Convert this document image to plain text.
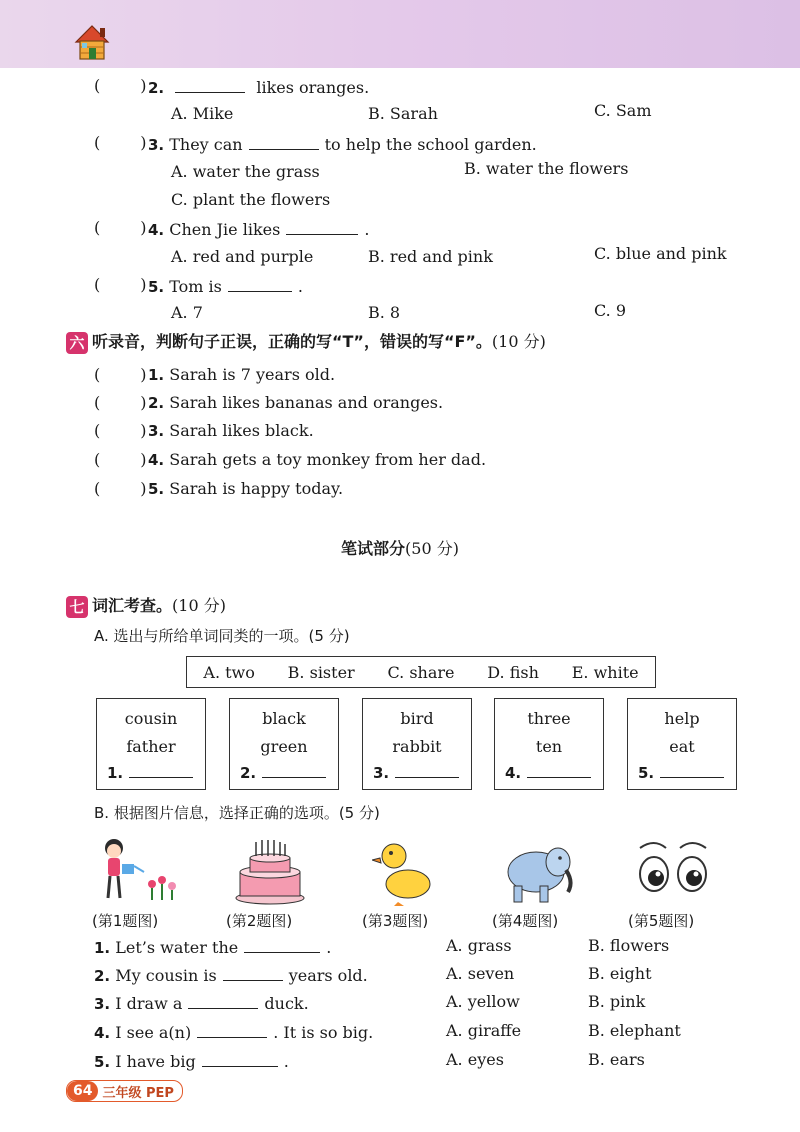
(	) 2.	likes oranges.
A. Mike	B. Sarah	C. Sam
(	) 3. They can	to help the school garden.
A. water the grass	B. water the flowers
C. plant the flowers
(	) 4. Chen Jie likes	.
A. red and purple	B. red and pink	C. blue and pink
(	) 5. Tom is	.
A. 7	B. 8	C. 9
六 听录音，判断句子正误，正确的写“T”，错误的写“F”。(10 分)
(	) 1. Sarah is 7 years old.
(	) 2. Sarah likes bananas and oranges.
(	) 3. Sarah likes black.
(	) 4. Sarah gets a toy monkey from her dad.
(	) 5. Sarah is happy today.
笔试部分(50 分)
七 词汇考查。(10 分)
A. 选出与所给单词同类的一项。(5 分)
A. two B. sister C. share D. fish E. white
cousin
father
1.
black
green
2.
bird
rabbit
3.
three
ten
4.
help
eat
5.
B. 根据图片信息，选择正确的选项。(5 分)
(第1题图)	(第2题图)	(第3题图)	(第4题图)	(第5题图)
1. Let’s water the	.	A. grass	B. flowers
2. My cousin is	years old.	A. seven	B. eight
3. I draw a	duck.	A. yellow	B. pink
4. I see a(n)	. It is so big.	A. giraffe	B. elephant
5. I have big	.	A. eyes	B. ears
64 三年级 PEP
